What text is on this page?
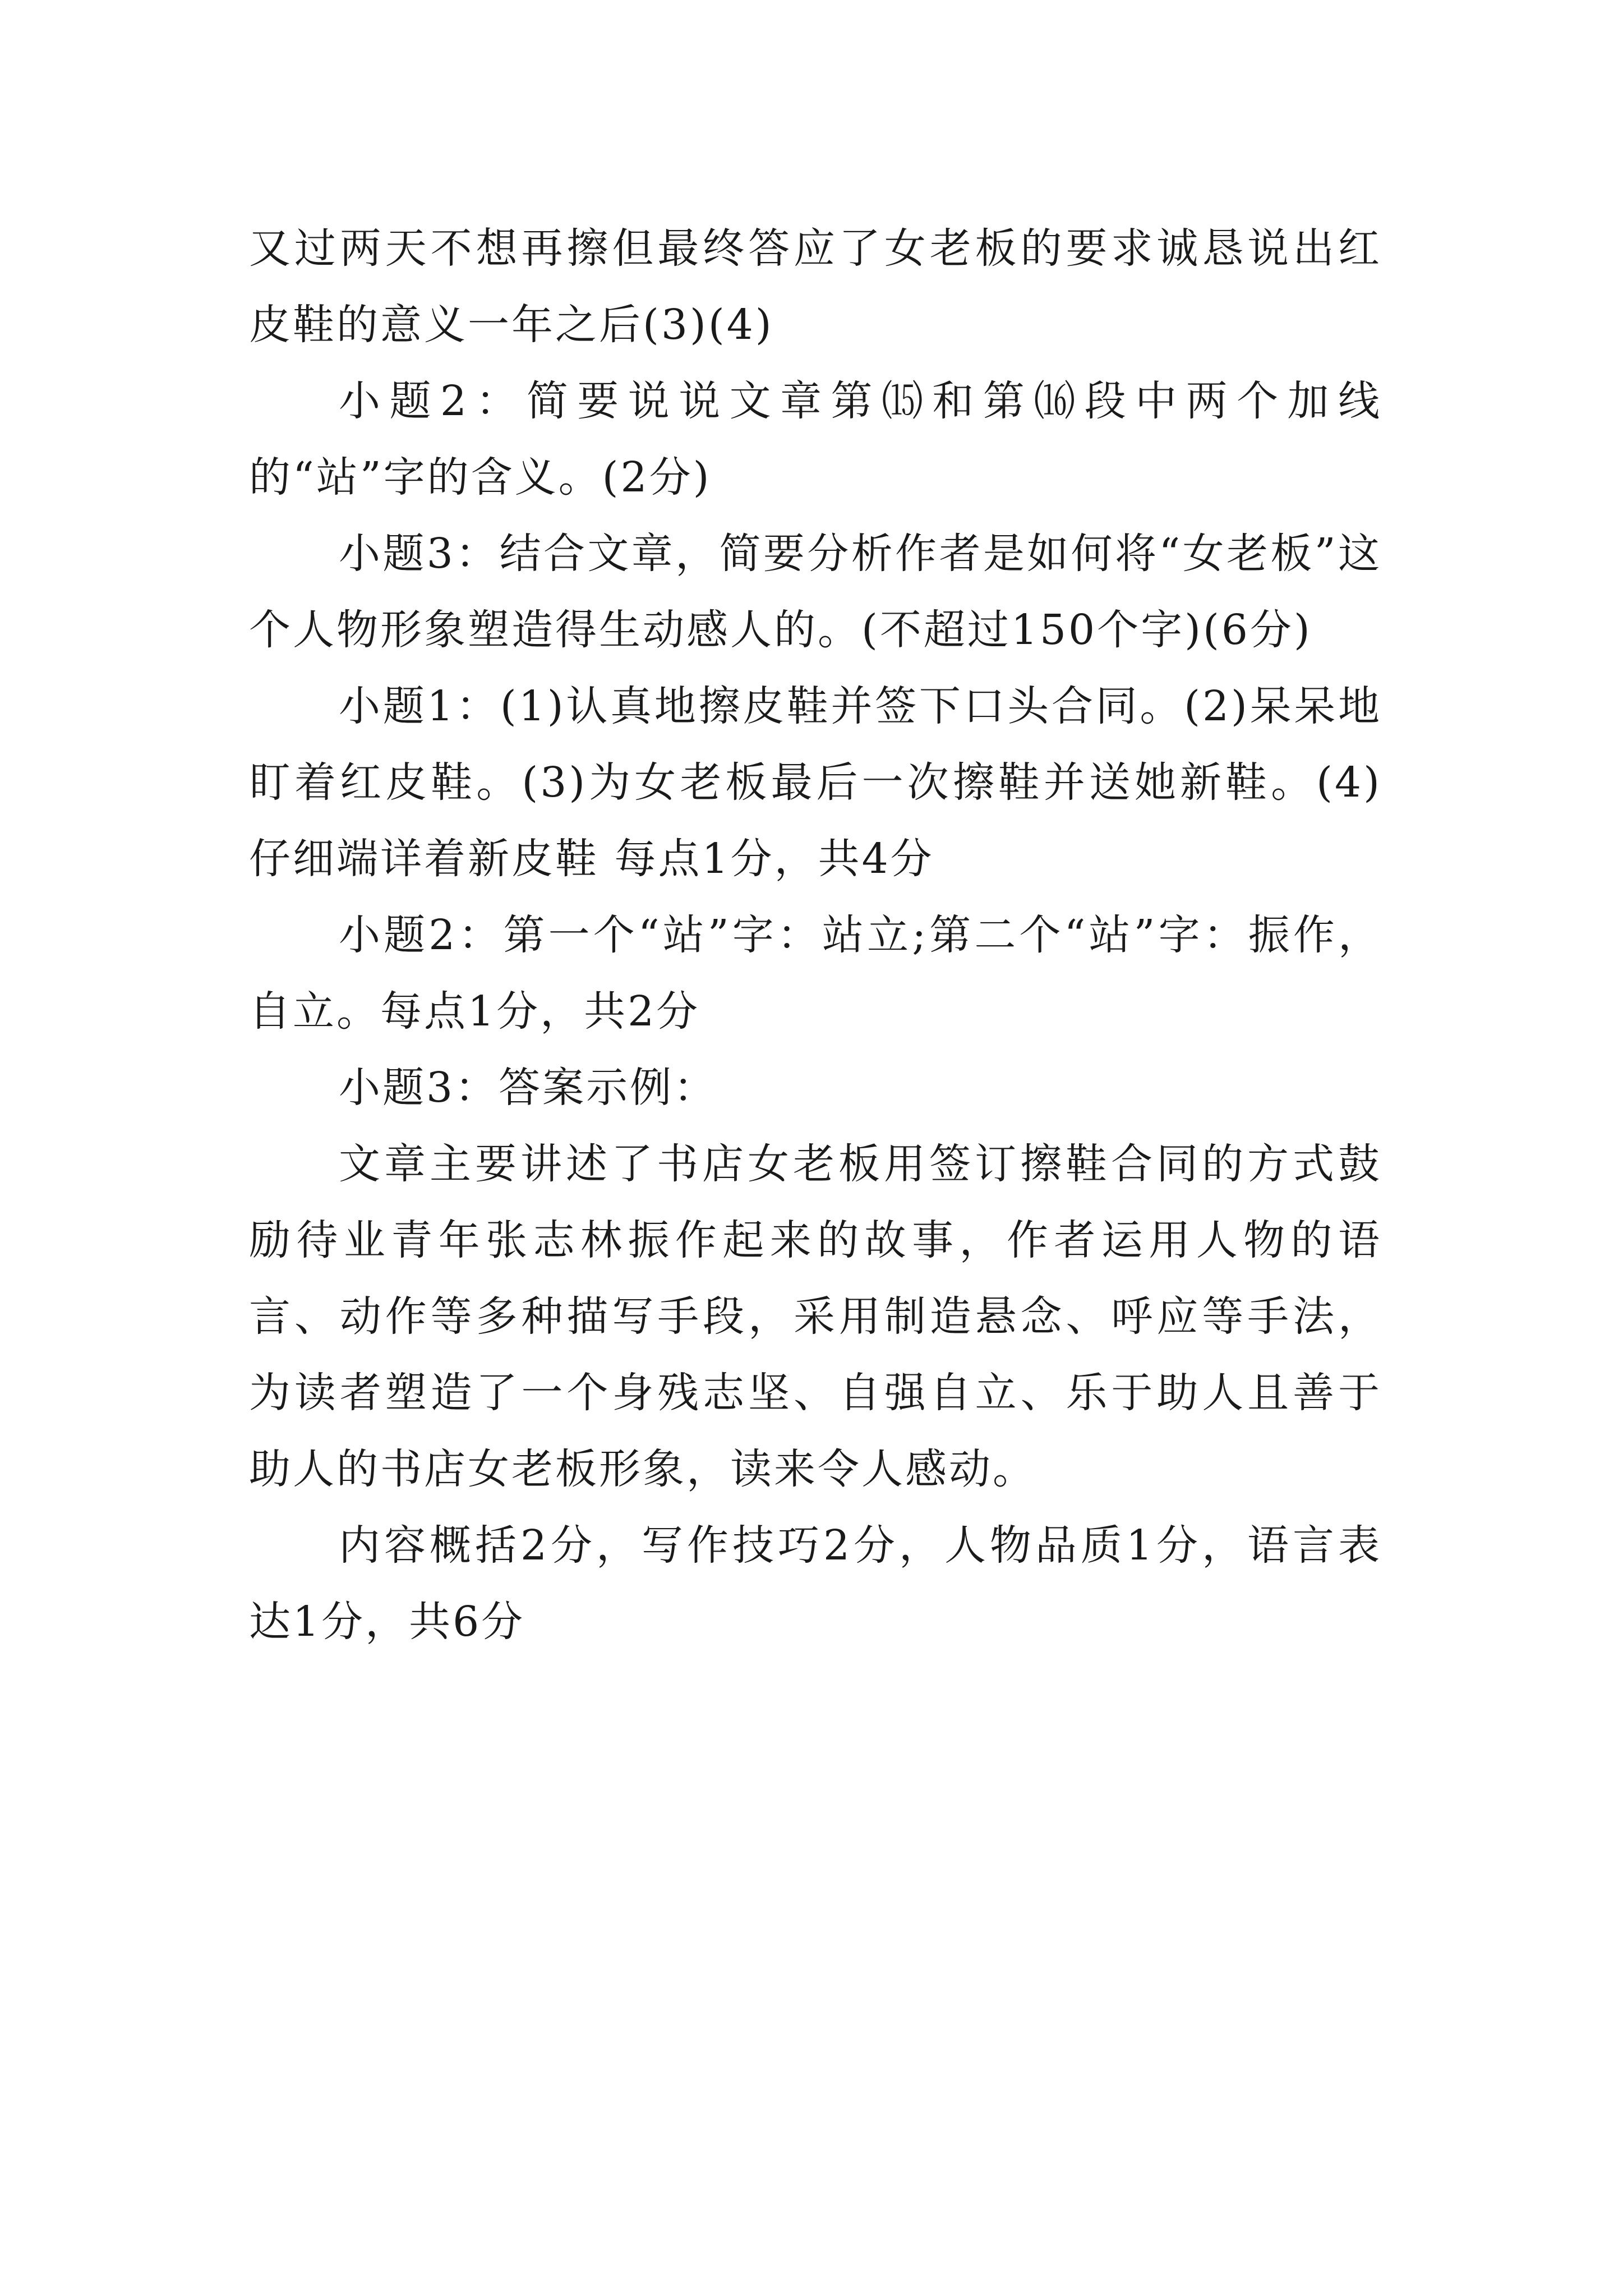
又过两天不想再擦但最终答应了女老板的要求诚恳说出红皮鞋的意义一年之后(3)(4)

小题2：简要说说文章第⒂和第⒃段中两个加线的“站”字的含义。(2分)

小题3：结合文章，简要分析作者是如何将“女老板”这个人物形象塑造得生动感人的。(不超过150个字)(6分)

小题1：(1)认真地擦皮鞋并签下口头合同。(2)呆呆地盯着红皮鞋。(3)为女老板最后一次擦鞋并送她新鞋。(4)仔细端详着新皮鞋 每点1分，共4分

小题2：第一个“站”字：站立;第二个“站”字：振作，自立。每点1分，共2分

小题3：答案示例：

文章主要讲述了书店女老板用签订擦鞋合同的方式鼓励待业青年张志林振作起来的故事，作者运用人物的语言、动作等多种描写手段，采用制造悬念、呼应等手法，为读者塑造了一个身残志坚、自强自立、乐于助人且善于助人的书店女老板形象，读来令人感动。

内容概括2分，写作技巧2分，人物品质1分，语言表达1分，共6分
